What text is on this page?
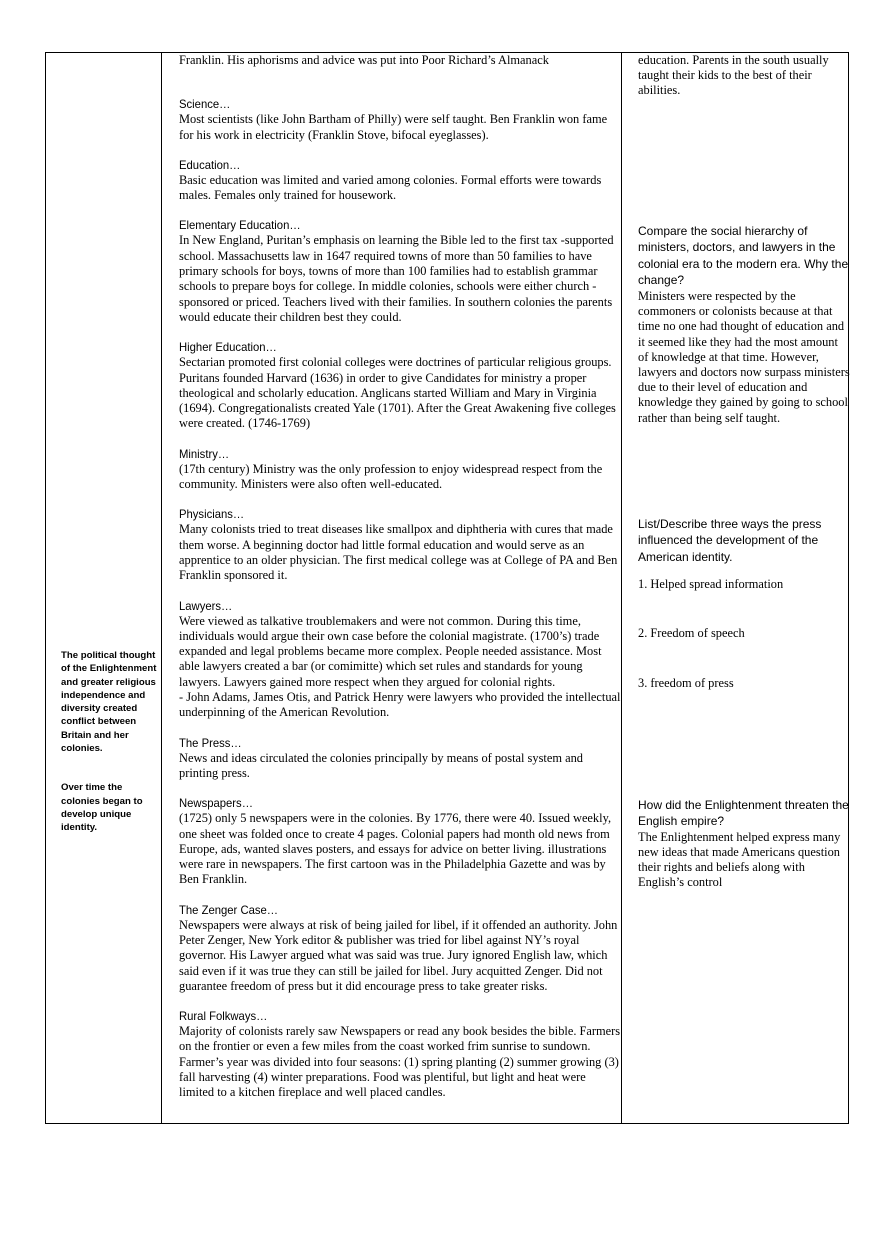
The political thought of the Enlightenment and greater religious independence and diversity created conflict between Britain and her colonies.

Over time the colonies began to develop unique identity.

Franklin. His aphorisms and advice was put into Poor Richard’s Almanack

Science…

Most scientists (like John Bartham of Philly) were self taught. Ben Franklin won fame for his work in electricity (Franklin Stove, bifocal eyeglasses).

Education…

Basic education was limited and varied among colonies. Formal efforts were towards males. Females only trained for housework.

Elementary Education…

In New England, Puritan’s emphasis on learning the Bible led to the first tax -supported school. Massachusetts law in 1647 required towns of more than 50 families to have primary schools for boys, towns of more than 100 families had to establish grammar schools to prepare boys for college. In middle colonies, schools were either church -sponsored or priced. Teachers lived with their families. In southern colonies the parents would educate their children best they could.

Higher Education…

Sectarian promoted first colonial colleges were doctrines of particular religious groups. Puritans founded Harvard (1636) in order to give Candidates for ministry a proper theological and scholarly education. Anglicans started William and Mary in Virginia (1694). Congregationalists created Yale (1701). After the Great Awakening five colleges were created. (1746-1769)

Ministry…

(17th century) Ministry was the only profession to enjoy widespread respect from the community. Ministers were also often well-educated.

Physicians…

Many colonists tried to treat diseases like smallpox and diphtheria with cures that made them worse. A beginning doctor had little formal education and would serve as an apprentice to an older physician. The first medical college was at College of PA and Ben Franklin sponsored it.

Lawyers…

Were viewed as talkative troublemakers and were not common. During this time, individuals would argue their own case before the colonial magistrate. (1700’s) trade expanded and legal problems became more complex. People needed assistance. Most able lawyers created a bar (or comimitte) which set rules and standards for young lawyers. Lawyers gained more respect when they argued for colonial rights.

- John Adams, James Otis, and Patrick Henry were lawyers who provided the intellectual underpinning of the American Revolution.

The Press…

News and ideas circulated the colonies principally by means of postal system and printing press.

Newspapers…

(1725) only 5 newspapers were in the colonies. By 1776, there were 40. Issued weekly, one sheet was folded once to create 4 pages. Colonial papers had month old news from Europe, ads, wanted slaves posters, and essays for advice on better living. illustrations were rare in newspapers. The first cartoon was in the Philadelphia Gazette and was by Ben Franklin.

The Zenger Case…

Newspapers were always at risk of being jailed for libel, if it offended an authority. John Peter Zenger, New York editor & publisher was tried for libel against NY’s royal governor. His Lawyer argued what was said was true. Jury ignored English law, which said even if it was true they can still be jailed for libel. Jury acquitted Zenger. Did not guarantee freedom of press but it did encourage press to take greater risks.

Rural Folkways…

Majority of colonists rarely saw Newspapers or read any book besides the bible. Farmers on the frontier or even a few miles from the coast worked frim sunrise to sundown. Farmer’s year was divided into four seasons: (1) spring planting (2) summer growing (3) fall harvesting (4) winter preparations. Food was plentiful, but light and heat were limited to a kitchen fireplace and well placed candles.

education. Parents in the south usually taught their kids to the best of their abilities.

Compare the social hierarchy of ministers, doctors, and lawyers in the colonial era to the modern era. Why the change?

Ministers were respected by the commoners or colonists because at that time no one had thought of education and it seemed like they had the most amount of knowledge at that time. However, lawyers and doctors now surpass ministers due to their level of education and knowledge they gained by going to school rather than being self taught.

List/Describe three ways the press influenced the development of the American identity.

1. Helped spread information

2. Freedom of speech

3. freedom of press

How did the Enlightenment threaten the English empire?

The Enlightenment helped express many new ideas that made Americans question their rights and beliefs along with English’s control
